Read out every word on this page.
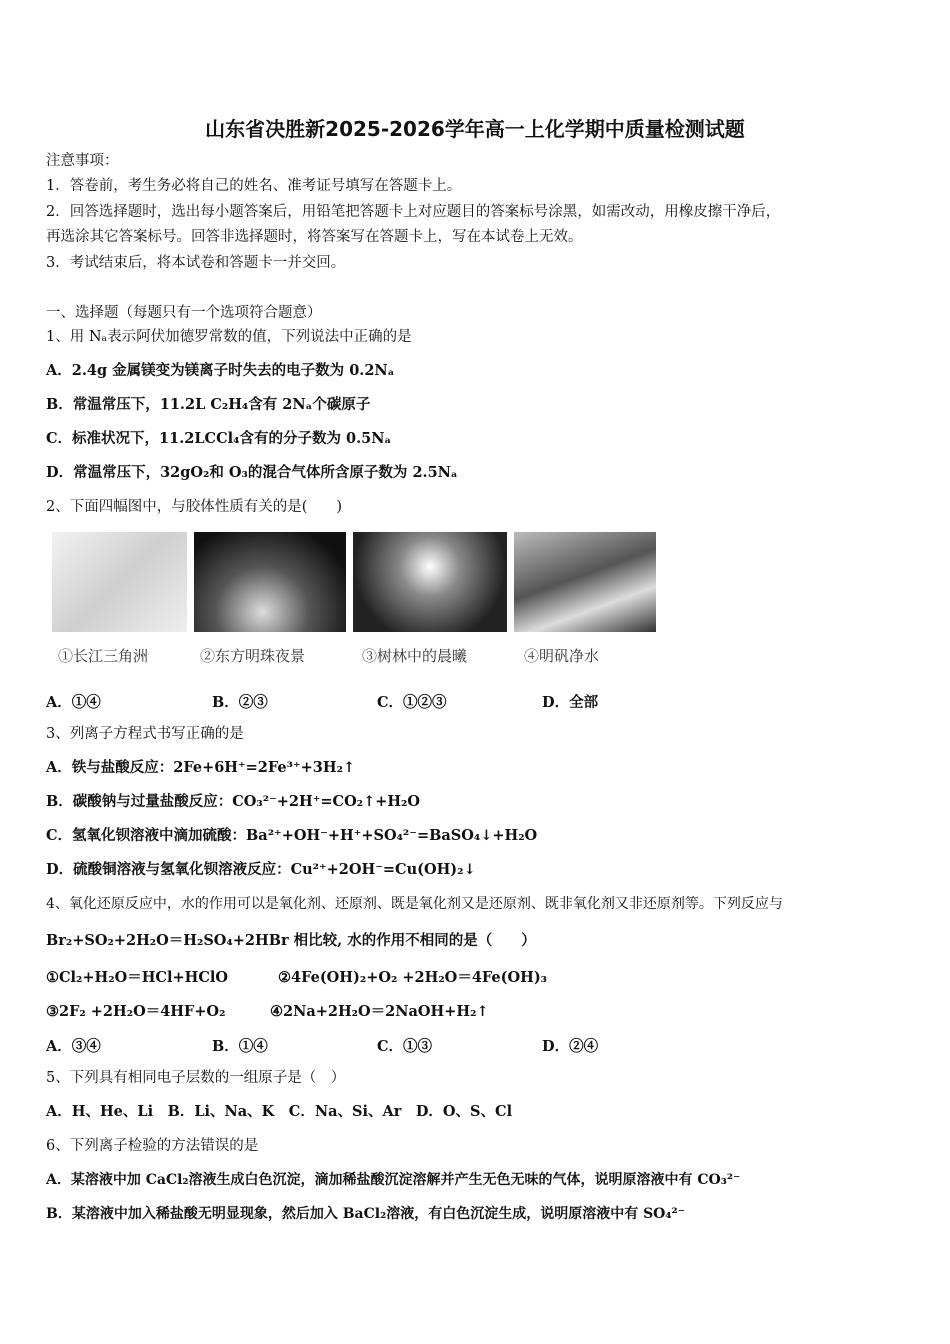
山东省决胜新2025-2026学年高一上化学期中质量检测试题
注意事项：
1．答卷前，考生务必将自己的姓名、准考证号填写在答题卡上。
2．回答选择题时，选出每小题答案后，用铅笔把答题卡上对应题目的答案标号涂黑，如需改动，用橡皮擦干净后，
再选涂其它答案标号。回答非选择题时，将答案写在答题卡上，写在本试卷上无效。
3．考试结束后，将本试卷和答题卡一并交回。
一、选择题（每题只有一个选项符合题意）
1、用 Nₐ表示阿伏加德罗常数的值，下列说法中正确的是
A．2.4g 金属镁变为镁离子时失去的电子数为 0.2Nₐ
B．常温常压下，11.2L C₂H₄含有 2Nₐ个碳原子
C．标准状况下，11.2LCCl₄含有的分子数为 0.5Nₐ
D．常温常压下，32gO₂和 O₃的混合气体所含原子数为 2.5Nₐ
2、下面四幅图中，与胶体性质有关的是(　　)
①长江三角洲	②东方明珠夜景	③树林中的晨曦	④明矾净水
A．①④	B．②③	C．①②③	D．全部
3、列离子方程式书写正确的是
A．铁与盐酸反应：2Fe+6H⁺=2Fe³⁺+3H₂↑
B．碳酸钠与过量盐酸反应：CO₃²⁻+2H⁺=CO₂↑+H₂O
C．氢氧化钡溶液中滴加硫酸：Ba²⁺+OH⁻+H⁺+SO₄²⁻=BaSO₄↓+H₂O
D．硫酸铜溶液与氢氧化钡溶液反应：Cu²⁺+2OH⁻=Cu(OH)₂↓
4、氧化还原反应中，水的作用可以是氧化剂、还原剂、既是氧化剂又是还原剂、既非氧化剂又非还原剂等。下列反应与
Br₂+SO₂+2H₂O＝H₂SO₄+2HBr 相比较, 水的作用不相同的是（　　）
①Cl₂+H₂O＝HCl+HClO	②4Fe(OH)₂+O₂ +2H₂O＝4Fe(OH)₃
③2F₂ +2H₂O＝4HF+O₂	④2Na+2H₂O＝2NaOH+H₂↑
A．③④	B．①④	C．①③	D．②④
5、下列具有相同电子层数的一组原子是（　）
A．H、He、Li　B．Li、Na、K　C．Na、Si、Ar　D．O、S、Cl
6、下列离子检验的方法错误的是
A．某溶液中加 CaCl₂溶液生成白色沉淀，滴加稀盐酸沉淀溶解并产生无色无味的气体，说明原溶液中有 CO₃²⁻
B．某溶液中加入稀盐酸无明显现象，然后加入 BaCl₂溶液，有白色沉淀生成，说明原溶液中有 SO₄²⁻
